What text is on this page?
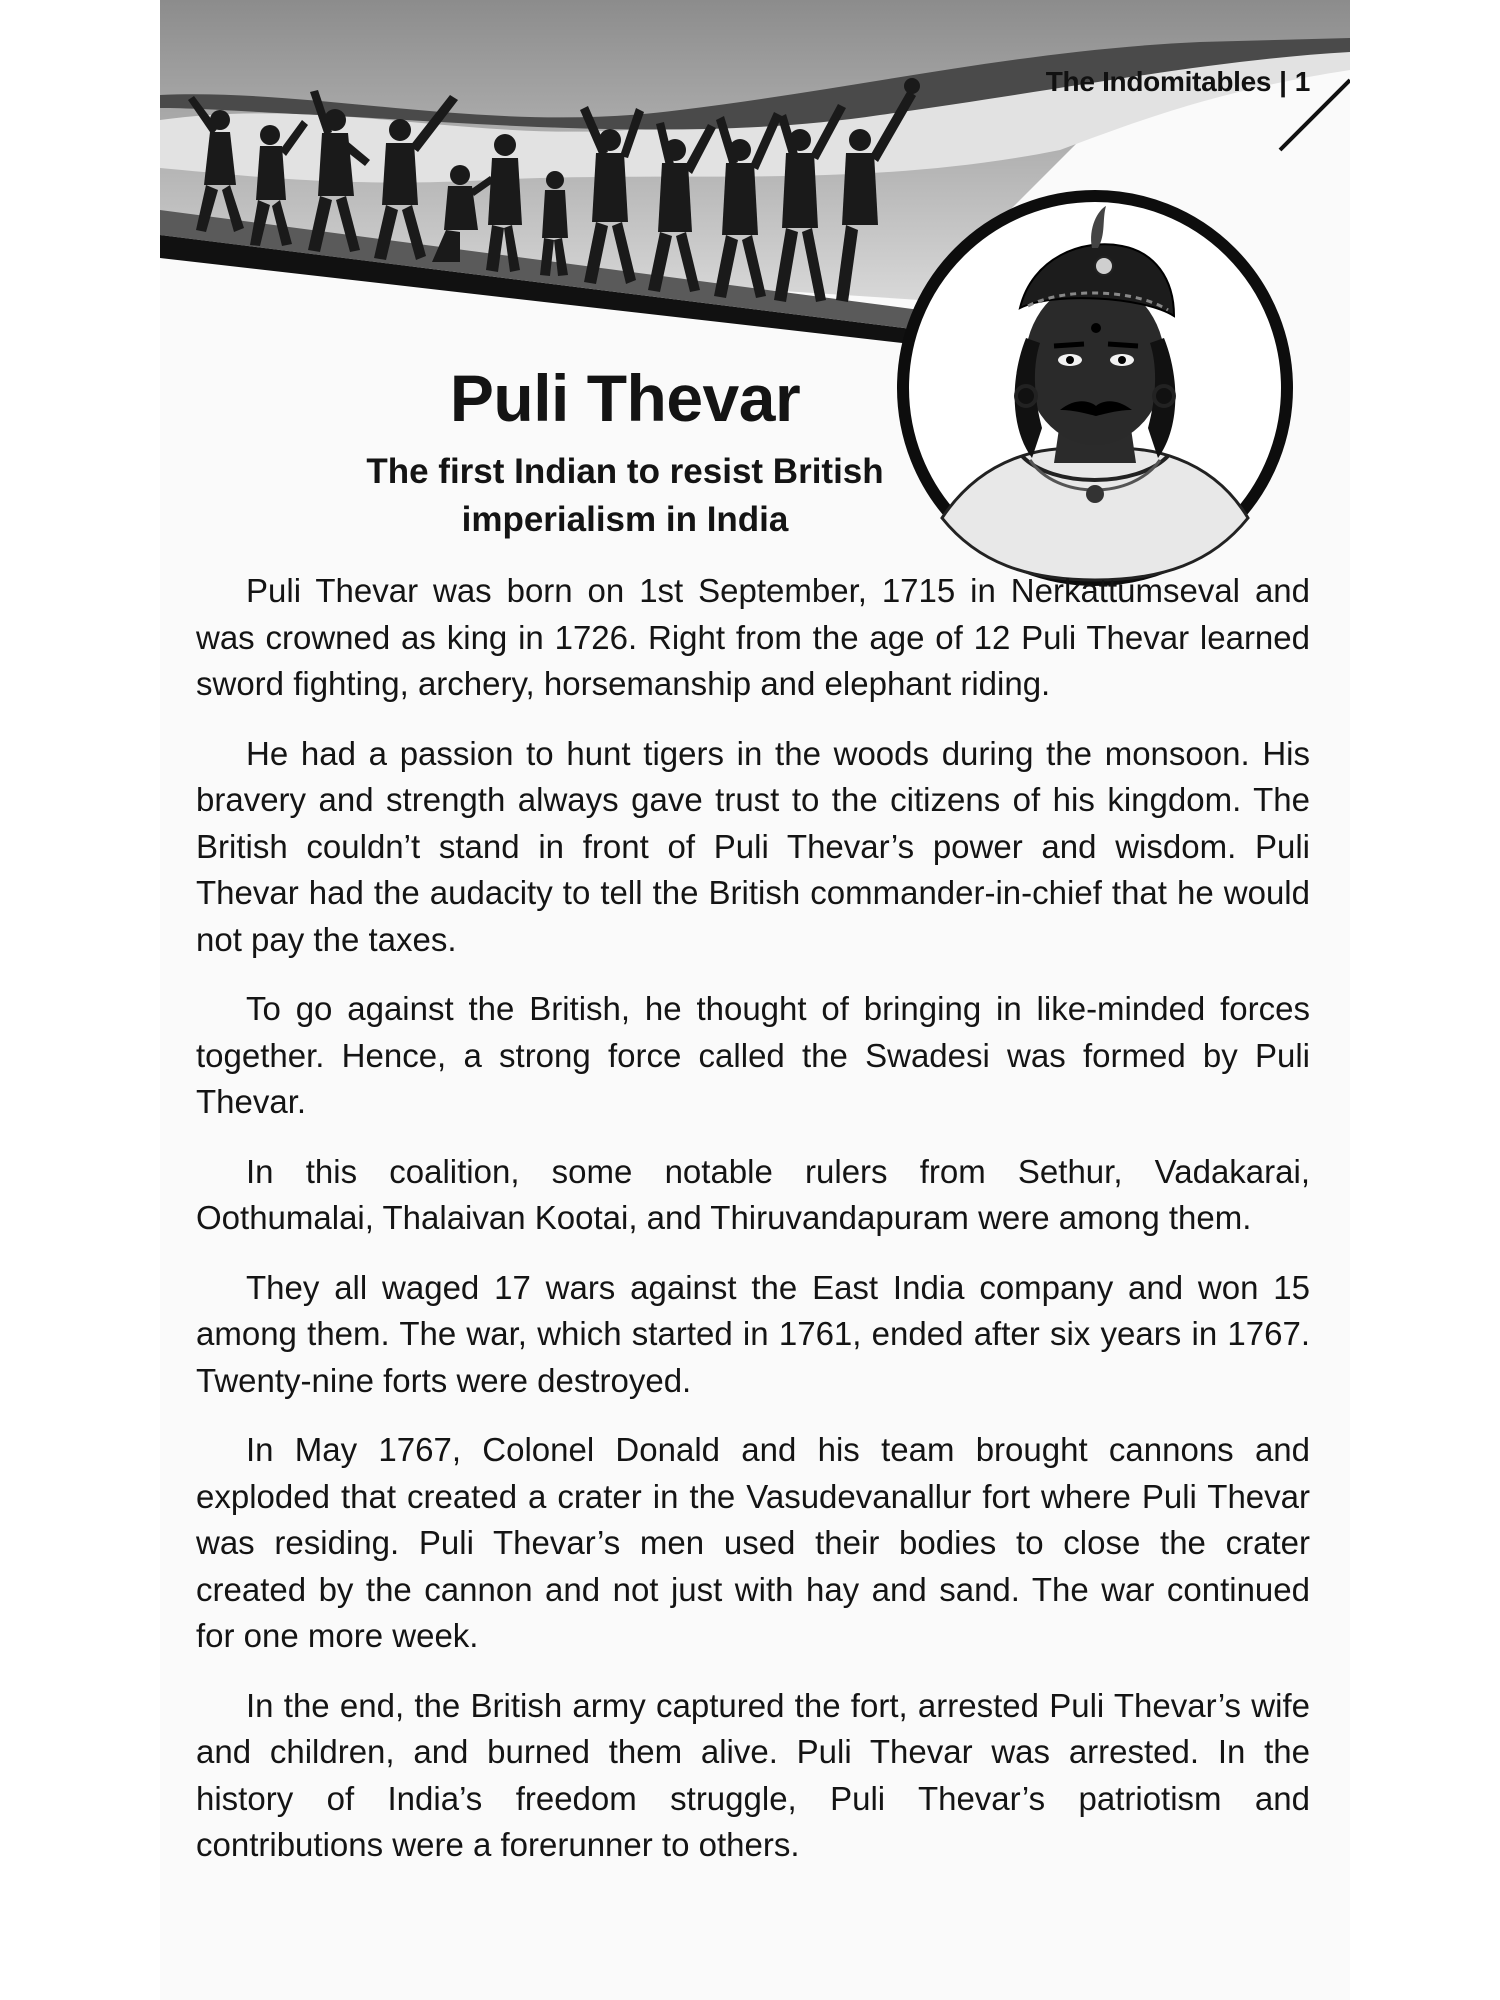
The Indomitables | 1
Puli Thevar
The first Indian to resist British
imperialism in India

Puli Thevar was born on 1st September, 1715 in Nerkattumseval and was crowned as king in 1726. Right from the age of 12 Puli Thevar learned sword fighting, archery, horsemanship and elephant riding.

He had a passion to hunt tigers in the woods during the monsoon. His bravery and strength always gave trust to the citizens of his kingdom. The British couldn’t stand in front of Puli Thevar’s power and wisdom. Puli Thevar had the audacity to tell the British commander-in-chief that he would not pay the taxes.

To go against the British, he thought of bringing in like-minded forces together. Hence, a strong force called the Swadesi was formed by Puli Thevar.

In this coalition, some notable rulers from Sethur, Vadakarai, Oothumalai, Thalaivan Kootai, and Thiruvandapuram were among them.

They all waged 17 wars against the East India company and won 15 among them. The war, which started in 1761, ended after six years in 1767. Twenty-nine forts were destroyed.

In May 1767, Colonel Donald and his team brought cannons and exploded that created a crater in the Vasudevanallur fort where Puli Thevar was residing. Puli Thevar’s men used their bodies to close the crater created by the cannon and not just with hay and sand. The war continued for one more week.

In the end, the British army captured the fort, arrested Puli Thevar’s wife and children, and burned them alive. Puli Thevar was arrested. In the history of India’s freedom struggle, Puli Thevar’s patriotism and contributions were a forerunner to others.
